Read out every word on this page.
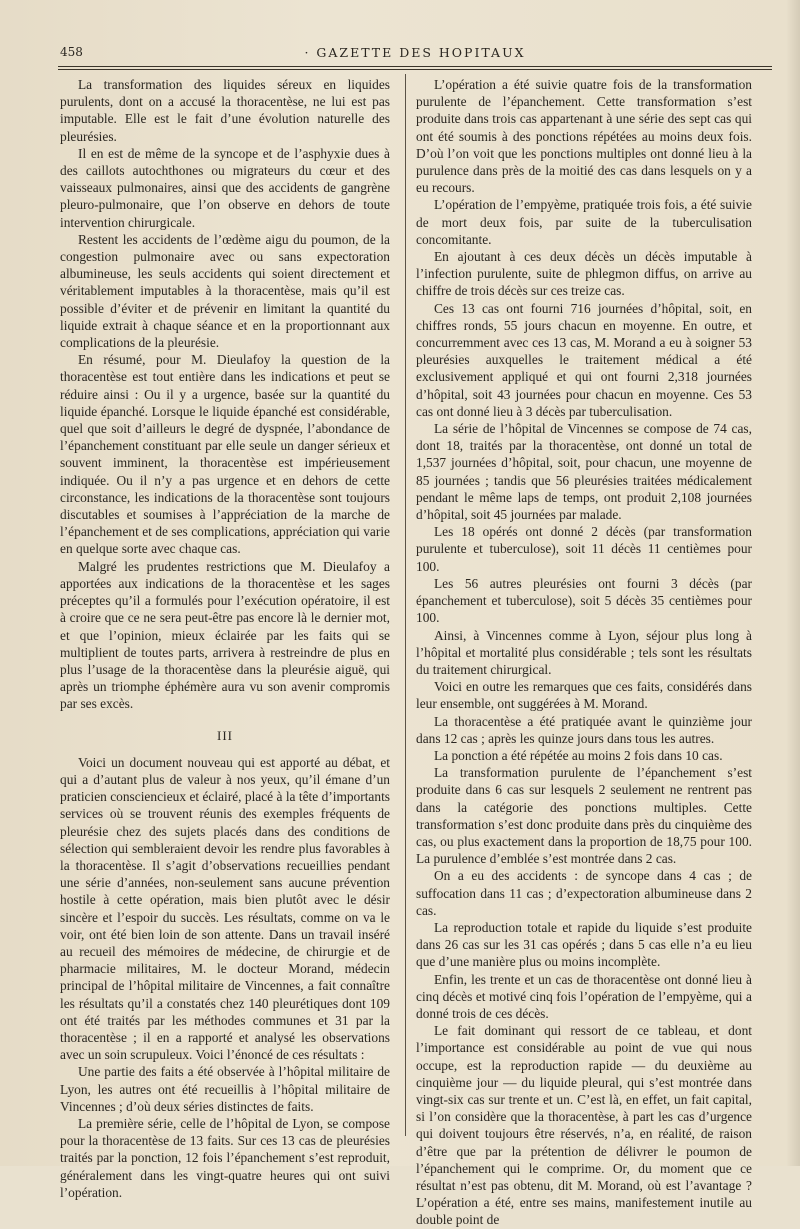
458	· GAZETTE DES HOPITAUX

La transformation des liquides séreux en liquides purulents, dont on a accusé la thoracentèse, ne lui est pas imputable. Elle est le fait d’une évolution naturelle des pleurésies.

Il en est de même de la syncope et de l’asphyxie dues à des caillots autochthones ou migrateurs du cœur et des vaisseaux pulmonaires, ainsi que des accidents de gangrène pleuro-pulmonaire, que l’on observe en dehors de toute intervention chirurgicale.

Restent les accidents de l’œdème aigu du poumon, de la congestion pulmonaire avec ou sans expectoration albumineuse, les seuls accidents qui soient directement et véritablement imputables à la thoracentèse, mais qu’il est possible d’éviter et de prévenir en limitant la quantité du liquide extrait à chaque séance et en la proportionnant aux complications de la pleurésie.

En résumé, pour M. Dieulafoy la question de la thoracentèse est tout entière dans les indications et peut se réduire ainsi : Ou il y a urgence, basée sur la quantité du liquide épanché. Lorsque le liquide épanché est considérable, quel que soit d’ailleurs le degré de dyspnée, l’abondance de l’épanchement constituant par elle seule un danger sérieux et souvent imminent, la thoracentèse est impérieusement indiquée. Ou il n’y a pas urgence et en dehors de cette circonstance, les indications de la thoracentèse sont toujours discutables et soumises à l’appréciation de la marche de l’épanchement et de ses complications, appréciation qui varie en quelque sorte avec chaque cas.

Malgré les prudentes restrictions que M. Dieulafoy a apportées aux indications de la thoracentèse et les sages préceptes qu’il a formulés pour l’exécution opératoire, il est à croire que ce ne sera peut-être pas encore là le dernier mot, et que l’opinion, mieux éclairée par les faits qui se multiplient de toutes parts, arrivera à restreindre de plus en plus l’usage de la thoracentèse dans la pleurésie aiguë, qui après un triomphe éphémère aura vu son avenir compromis par ses excès.

III

Voici un document nouveau qui est apporté au débat, et qui a d’autant plus de valeur à nos yeux, qu’il émane d’un praticien consciencieux et éclairé, placé à la tête d’importants services où se trouvent réunis des exemples fréquents de pleurésie chez des sujets placés dans des conditions de sélection qui sembleraient devoir les rendre plus favorables à la thoracentèse. Il s’agit d’observations recueillies pendant une série d’années, non-seulement sans aucune prévention hostile à cette opération, mais bien plutôt avec le désir sincère et l’espoir du succès. Les résultats, comme on va le voir, ont été bien loin de son attente. Dans un travail inséré au recueil des mémoires de médecine, de chirurgie et de pharmacie militaires, M. le docteur Morand, médecin principal de l’hôpital militaire de Vincennes, a fait connaître les résultats qu’il a constatés chez 140 pleurétiques dont 109 ont été traités par les méthodes communes et 31 par la thoracentèse ; il en a rapporté et analysé les observations avec un soin scrupuleux. Voici l’énoncé de ces résultats :

Une partie des faits a été observée à l’hôpital militaire de Lyon, les autres ont été recueillis à l’hôpital militaire de Vincennes ; d’où deux séries distinctes de faits.

La première série, celle de l’hôpital de Lyon, se compose pour la thoracentèse de 13 faits. Sur ces 13 cas de pleurésies traités par la ponction, 12 fois l’épanchement s’est reproduit, généralement dans les vingt-quatre heures qui ont suivi l’opération.

L’opération a été suivie quatre fois de la transformation purulente de l’épanchement. Cette transformation s’est produite dans trois cas appartenant à une série des sept cas qui ont été soumis à des ponctions répétées au moins deux fois. D’où l’on voit que les ponctions multiples ont donné lieu à la purulence dans près de la moitié des cas dans lesquels on y a eu recours.

L’opération de l’empyème, pratiquée trois fois, a été suivie de mort deux fois, par suite de la tuberculisation concomitante.

En ajoutant à ces deux décès un décès imputable à l’infection purulente, suite de phlegmon diffus, on arrive au chiffre de trois décès sur ces treize cas.

Ces 13 cas ont fourni 716 journées d’hôpital, soit, en chiffres ronds, 55 jours chacun en moyenne. En outre, et concurremment avec ces 13 cas, M. Morand a eu à soigner 53 pleurésies auxquelles le traitement médical a été exclusivement appliqué et qui ont fourni 2,318 journées d’hôpital, soit 43 journées pour chacun en moyenne. Ces 53 cas ont donné lieu à 3 décès par tuberculisation.

La série de l’hôpital de Vincennes se compose de 74 cas, dont 18, traités par la thoracentèse, ont donné un total de 1,537 journées d’hôpital, soit, pour chacun, une moyenne de 85 journées ; tandis que 56 pleurésies traitées médicalement pendant le même laps de temps, ont produit 2,108 journées d’hôpital, soit 45 journées par malade.

Les 18 opérés ont donné 2 décès (par transformation purulente et tuberculose), soit 11 décès 11 centièmes pour 100.

Les 56 autres pleurésies ont fourni 3 décès (par épanchement et tuberculose), soit 5 décès 35 centièmes pour 100.

Ainsi, à Vincennes comme à Lyon, séjour plus long à l’hôpital et mortalité plus considérable ; tels sont les résultats du traitement chirurgical.

Voici en outre les remarques que ces faits, considérés dans leur ensemble, ont suggérées à M. Morand.

La thoracentèse a été pratiquée avant le quinzième jour dans 12 cas ; après les quinze jours dans tous les autres.

La ponction a été répétée au moins 2 fois dans 10 cas.

La transformation purulente de l’épanchement s’est produite dans 6 cas sur lesquels 2 seulement ne rentrent pas dans la catégorie des ponctions multiples. Cette transformation s’est donc produite dans près du cinquième des cas, ou plus exactement dans la proportion de 18,75 pour 100. La purulence d’emblée s’est montrée dans 2 cas.

On a eu des accidents : de syncope dans 4 cas ; de suffocation dans 11 cas ; d’expectoration albumineuse dans 2 cas.

La reproduction totale et rapide du liquide s’est produite dans 26 cas sur les 31 cas opérés ; dans 5 cas elle n’a eu lieu que d’une manière plus ou moins incomplète.

Enfin, les trente et un cas de thoracentèse ont donné lieu à cinq décès et motivé cinq fois l’opération de l’empyème, qui a donné trois de ces décès.

Le fait dominant qui ressort de ce tableau, et dont l’importance est considérable au point de vue qui nous occupe, est la reproduction rapide — du deuxième au cinquième jour — du liquide pleural, qui s’est montrée dans vingt-six cas sur trente et un. C’est là, en effet, un fait capital, si l’on considère que la thoracentèse, à part les cas d’urgence qui doivent toujours être réservés, n’a, en réalité, de raison d’être que par la prétention de délivrer le poumon de l’épanchement qui le comprime. Or, du moment que ce résultat n’est pas obtenu, dit M. Morand, où est l’avantage ? L’opération a été, entre ses mains, manifestement inutile au double point de
